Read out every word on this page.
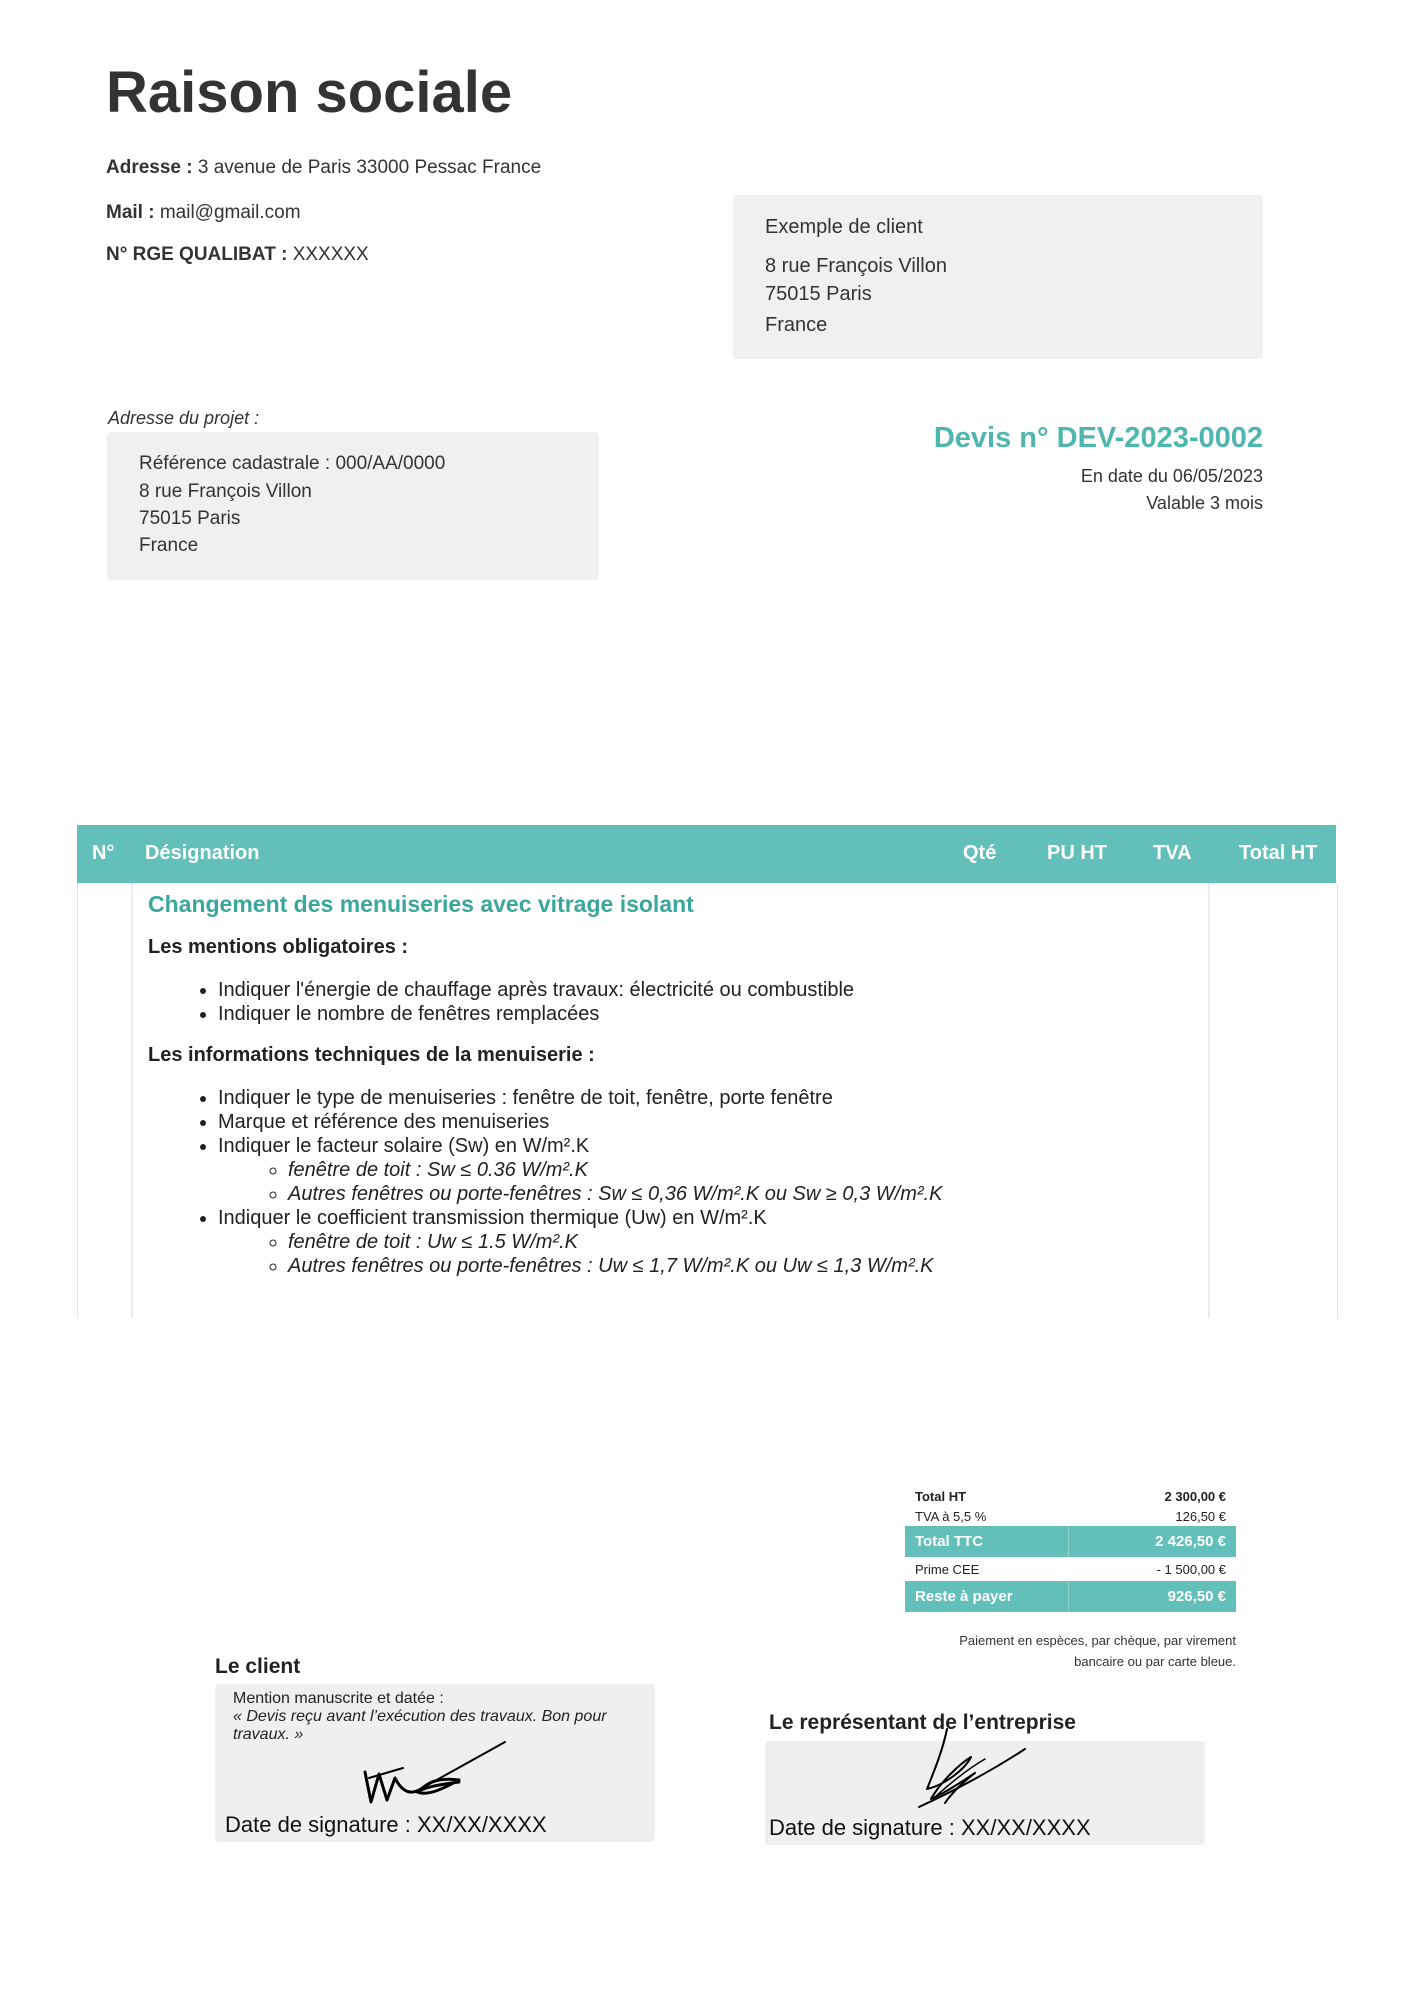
Raison sociale
Adresse : 3 avenue de Paris 33000 Pessac France
Mail : mail@gmail.com
N° RGE QUALIBAT : XXXXXX
Exemple de client
8 rue François Villon
75015 Paris
France
Adresse du projet :
Référence cadastrale : 000/AA/0000
8 rue François Villon
75015 Paris
France
Devis n° DEV-2023-0002
En date du 06/05/2023
Valable 3 mois
N° Désignation	Qté	PU HT TVA Total HT
Changement des menuiseries avec vitrage isolant
Les mentions obligatoires :
• Indiquer l'énergie de chauffage après travaux: électricité ou combustible
• Indiquer le nombre de fenêtres remplacées
Les informations techniques de la menuiserie :
• Indiquer le type de menuiseries : fenêtre de toit, fenêtre, porte fenêtre
• Marque et référence des menuiseries
• Indiquer le facteur solaire (Sw) en W/m².K
◦ fenêtre de toit : Sw ≤ 0.36 W/m².K
◦ Autres fenêtres ou porte-fenêtres : Sw ≤ 0,36 W/m².K ou Sw ≥ 0,3 W/m².K
• Indiquer le coefficient transmission thermique (Uw) en W/m².K
◦ fenêtre de toit : Uw ≤ 1.5 W/m².K
◦ Autres fenêtres ou porte-fenêtres : Uw ≤ 1,7 W/m².K ou Uw ≤ 1,3 W/m².K
Total HT	2 300,00 €
TVA à 5,5 %	126,50 €
Total TTC	2 426,50 €
Prime CEE	- 1 500,00 €
Reste à payer	926,50 €
Paiement en espèces, par chèque, par virement
bancaire ou par carte bleue.
Le client
Mention manuscrite et datée :
« Devis reçu avant l’exécution des travaux. Bon pour travaux. »
Date de signature : XX/XX/XXXX
Le représentant de l’entreprise
Date de signature : XX/XX/XXXX
